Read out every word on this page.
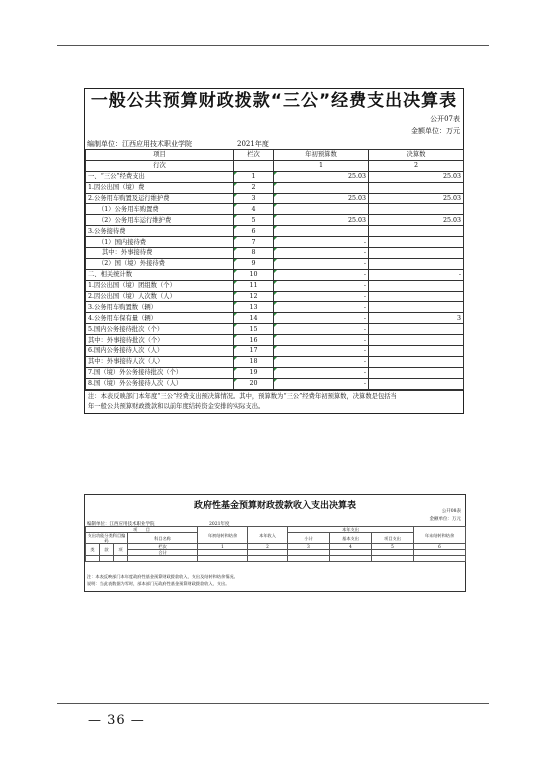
一般公共预算财政拨款“三公”经费支出决算表
公开07表
金额单位：万元
编制单位：江西应用技术职业学院	2021年度
项目	栏次	年初预算数	决算数
行次		1	2
一、“三公”经费支出	1	25.03	25.03
1.因公出国（境）费	2		
2.公务用车购置及运行维护费	3	25.03	25.03
（1）公务用车购置费	4		
（2）公务用车运行维护费	5	25.03	25.03
3.公务接待费	6		
（1）国内接待费	7	-	
其中：外事接待费	8	-	
（2）国（境）外接待费	9	-	
二、相关统计数	10	-	-
1.因公出国（境）团组数（个）	11	-	
2.因公出国（境）人次数（人）	12	-	
3.公务用车购置数（辆）	13	-	
4.公务用车保有量（辆）	14	-	3
5.国内公务接待批次（个）	15	-	
其中：外事接待批次（个）	16	-	
6.国内公务接待人次（人）	17	-	
其中：外事接待人次（人）	18	-	
7.国（境）外公务接待批次（个）	19	-	
8.国（境）外公务接待人次（人）	20	-	
注：本表反映部门本年度“三公”经费支出预决算情况。其中，预算数为“三公”经费年初预算数，决算数是包括当
年一般公共预算财政拨款和以前年度结转资金安排的实际支出。
政府性基金预算财政拨款收入支出决算表
公开08表
金额单位：万元
编制单位：江西应用技术职业学院	2021年度
项　　目				年初结转和结余	本年收入	本年支出			年末结转和结余
支出功能分类科目编码			科目名称			小计	基本支出	项目支出	

类	款	项	栏次	1	2	3	4	5	6
			合计						

注：本表反映部门本年度政府性基金预算财政拨款收入、支出及结转和结余情况。
说明：当此表数据为零时，部本部门无政府性基金预算财政拨款收入、支出。
— 36 —
